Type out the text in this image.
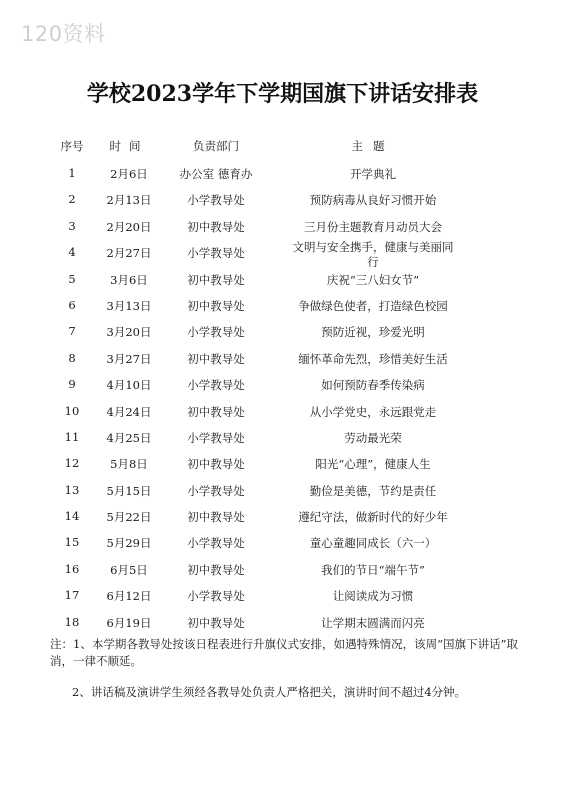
120资料
学校2023学年下学期国旗下讲话安排表
序号	时间	负责部门	主题
1	2月6日	办公室 德育办	开学典礼
2	2月13日	小学教导处	预防病毒从良好习惯开始
3	2月20日	初中教导处	三月份主题教育月动员大会
4	2月27日	小学教导处	文明与安全携手，健康与美丽同行
5	3月6日	初中教导处	庆祝“三八妇女节”
6	3月13日	初中教导处	争做绿色使者，打造绿色校园
7	3月20日	小学教导处	预防近视，珍爱光明
8	3月27日	初中教导处	缅怀革命先烈，珍惜美好生活
9	4月10日	小学教导处	如何预防春季传染病
10	4月24日	初中教导处	从小学党史，永远跟党走
11	4月25日	小学教导处	劳动最光荣
12	5月8日	初中教导处	阳光“心理”，健康人生
13	5月15日	小学教导处	勤俭是美德，节约是责任
14	5月22日	初中教导处	遵纪守法，做新时代的好少年
15	5月29日	小学教导处	童心童趣同成长（六一）
16	6月5日	初中教导处	我们的节日“端午节”
17	6月12日	小学教导处	让阅读成为习惯
18	6月19日	初中教导处	让学期末圆满而闪亮
注：1、本学期各教导处按该日程表进行升旗仪式安排，如遇特殊情况，该周“国旗下讲话”取消，一律不顺延。
2、讲话稿及演讲学生须经各教导处负责人严格把关，演讲时间不超过4分钟。
